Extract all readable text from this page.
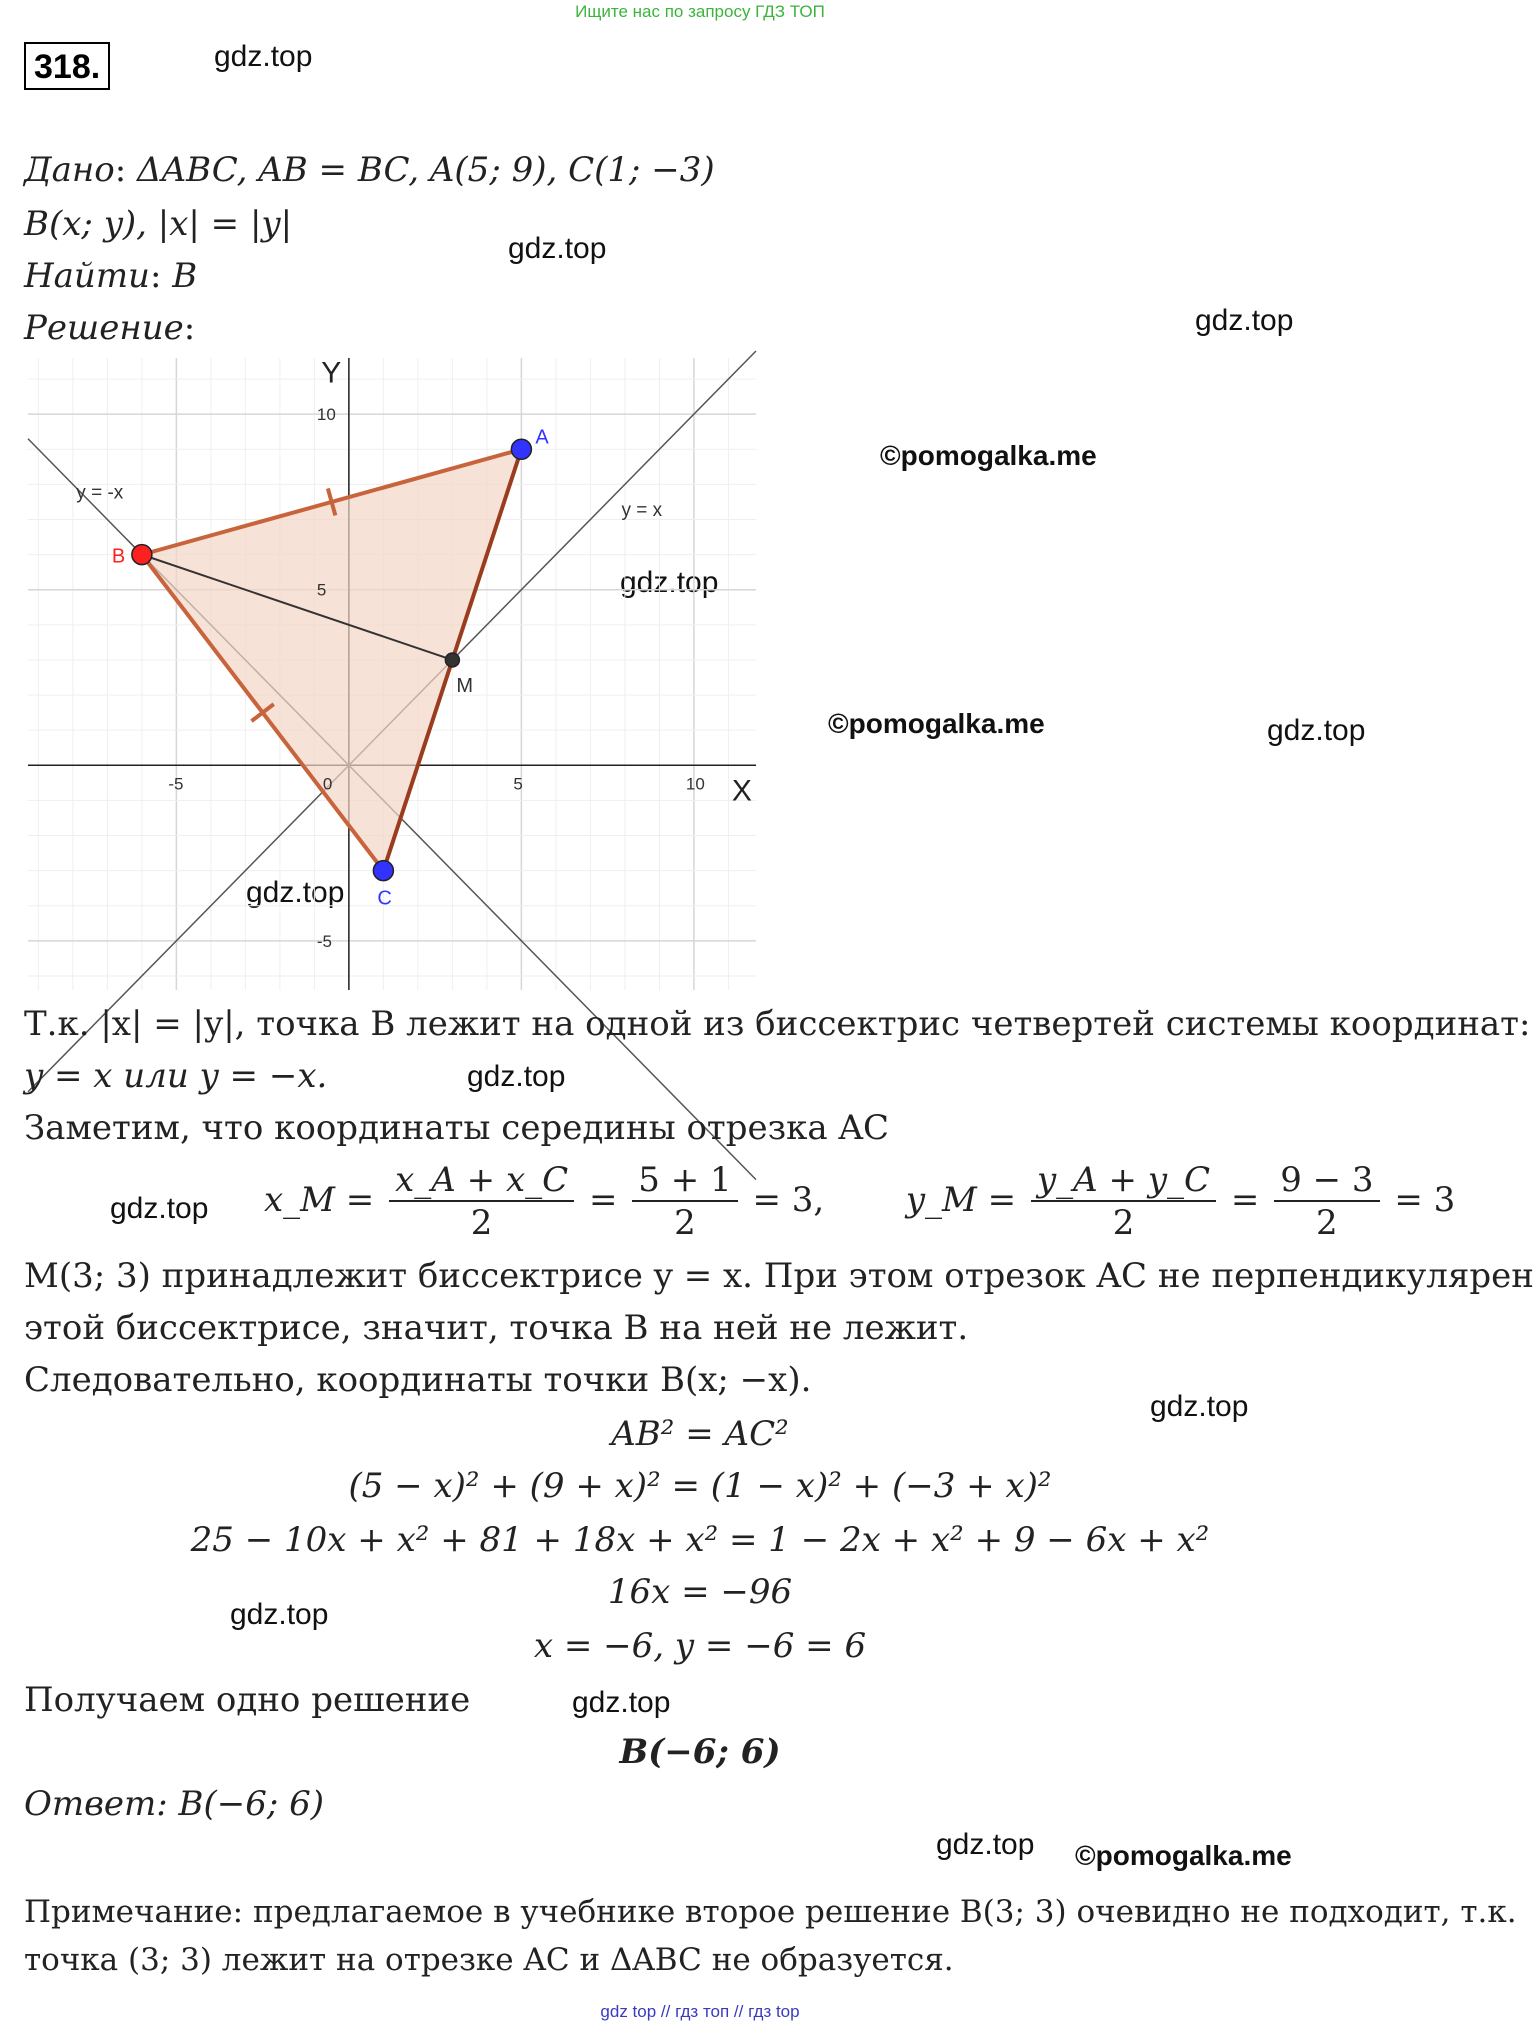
Ищите нас по запросу ГДЗ ТОП
318.	gdz.top
gdz.top
gdz.top
©pomogalka.me
gdz.top
©pomogalka.me	gdz.top
gdz.top
gdz.top
gdz.top
gdz.top
gdz.top
gdz.top
gdz.top ©pomogalka.me
Дано: ΔABC, AB = BC, A(5; 9), C(1; −3)
B(x; y), |x| = |y|
Найти: B
Решение:
X
Y
-5	0	5	10
10
5
-5
y = -x
y = x
A
B
C
M
Т.к. |x| = |y|, точка B лежит на одной из биссектрис четвертей системы координат:
y = x или y = −x.
Заметим, что координаты середины отрезка AC
x_M = $\frac{x\_A + x\_C}{2} = \frac{5 + 1}{2} = 3$, y_M = $\frac{y\_A + y\_C}{2} = \frac{9 - 3}{2} = 3$
M(3; 3) принадлежит биссектрисе y = x. При этом отрезок AC не перпендикулярен
этой биссектрисе, значит, точка B на ней не лежит.
Следовательно, координаты точки B(x; −x).
AB² = AC²
(5 − x)² + (9 + x)² = (1 − x)² + (−3 + x)²
25 − 10x + x² + 81 + 18x + x² = 1 − 2x + x² + 9 − 6x + x²
16x = −96
x = −6, y = −6 = 6
Получаем одно решение
B(−6; 6)
Ответ: B(−6; 6)
Примечание: предлагаемое в учебнике второе решение B(3; 3) очевидно не подходит, т.к.
точка (3; 3) лежит на отрезке AC и ΔABC не образуется.
gdz top // гдз топ // гдз top
